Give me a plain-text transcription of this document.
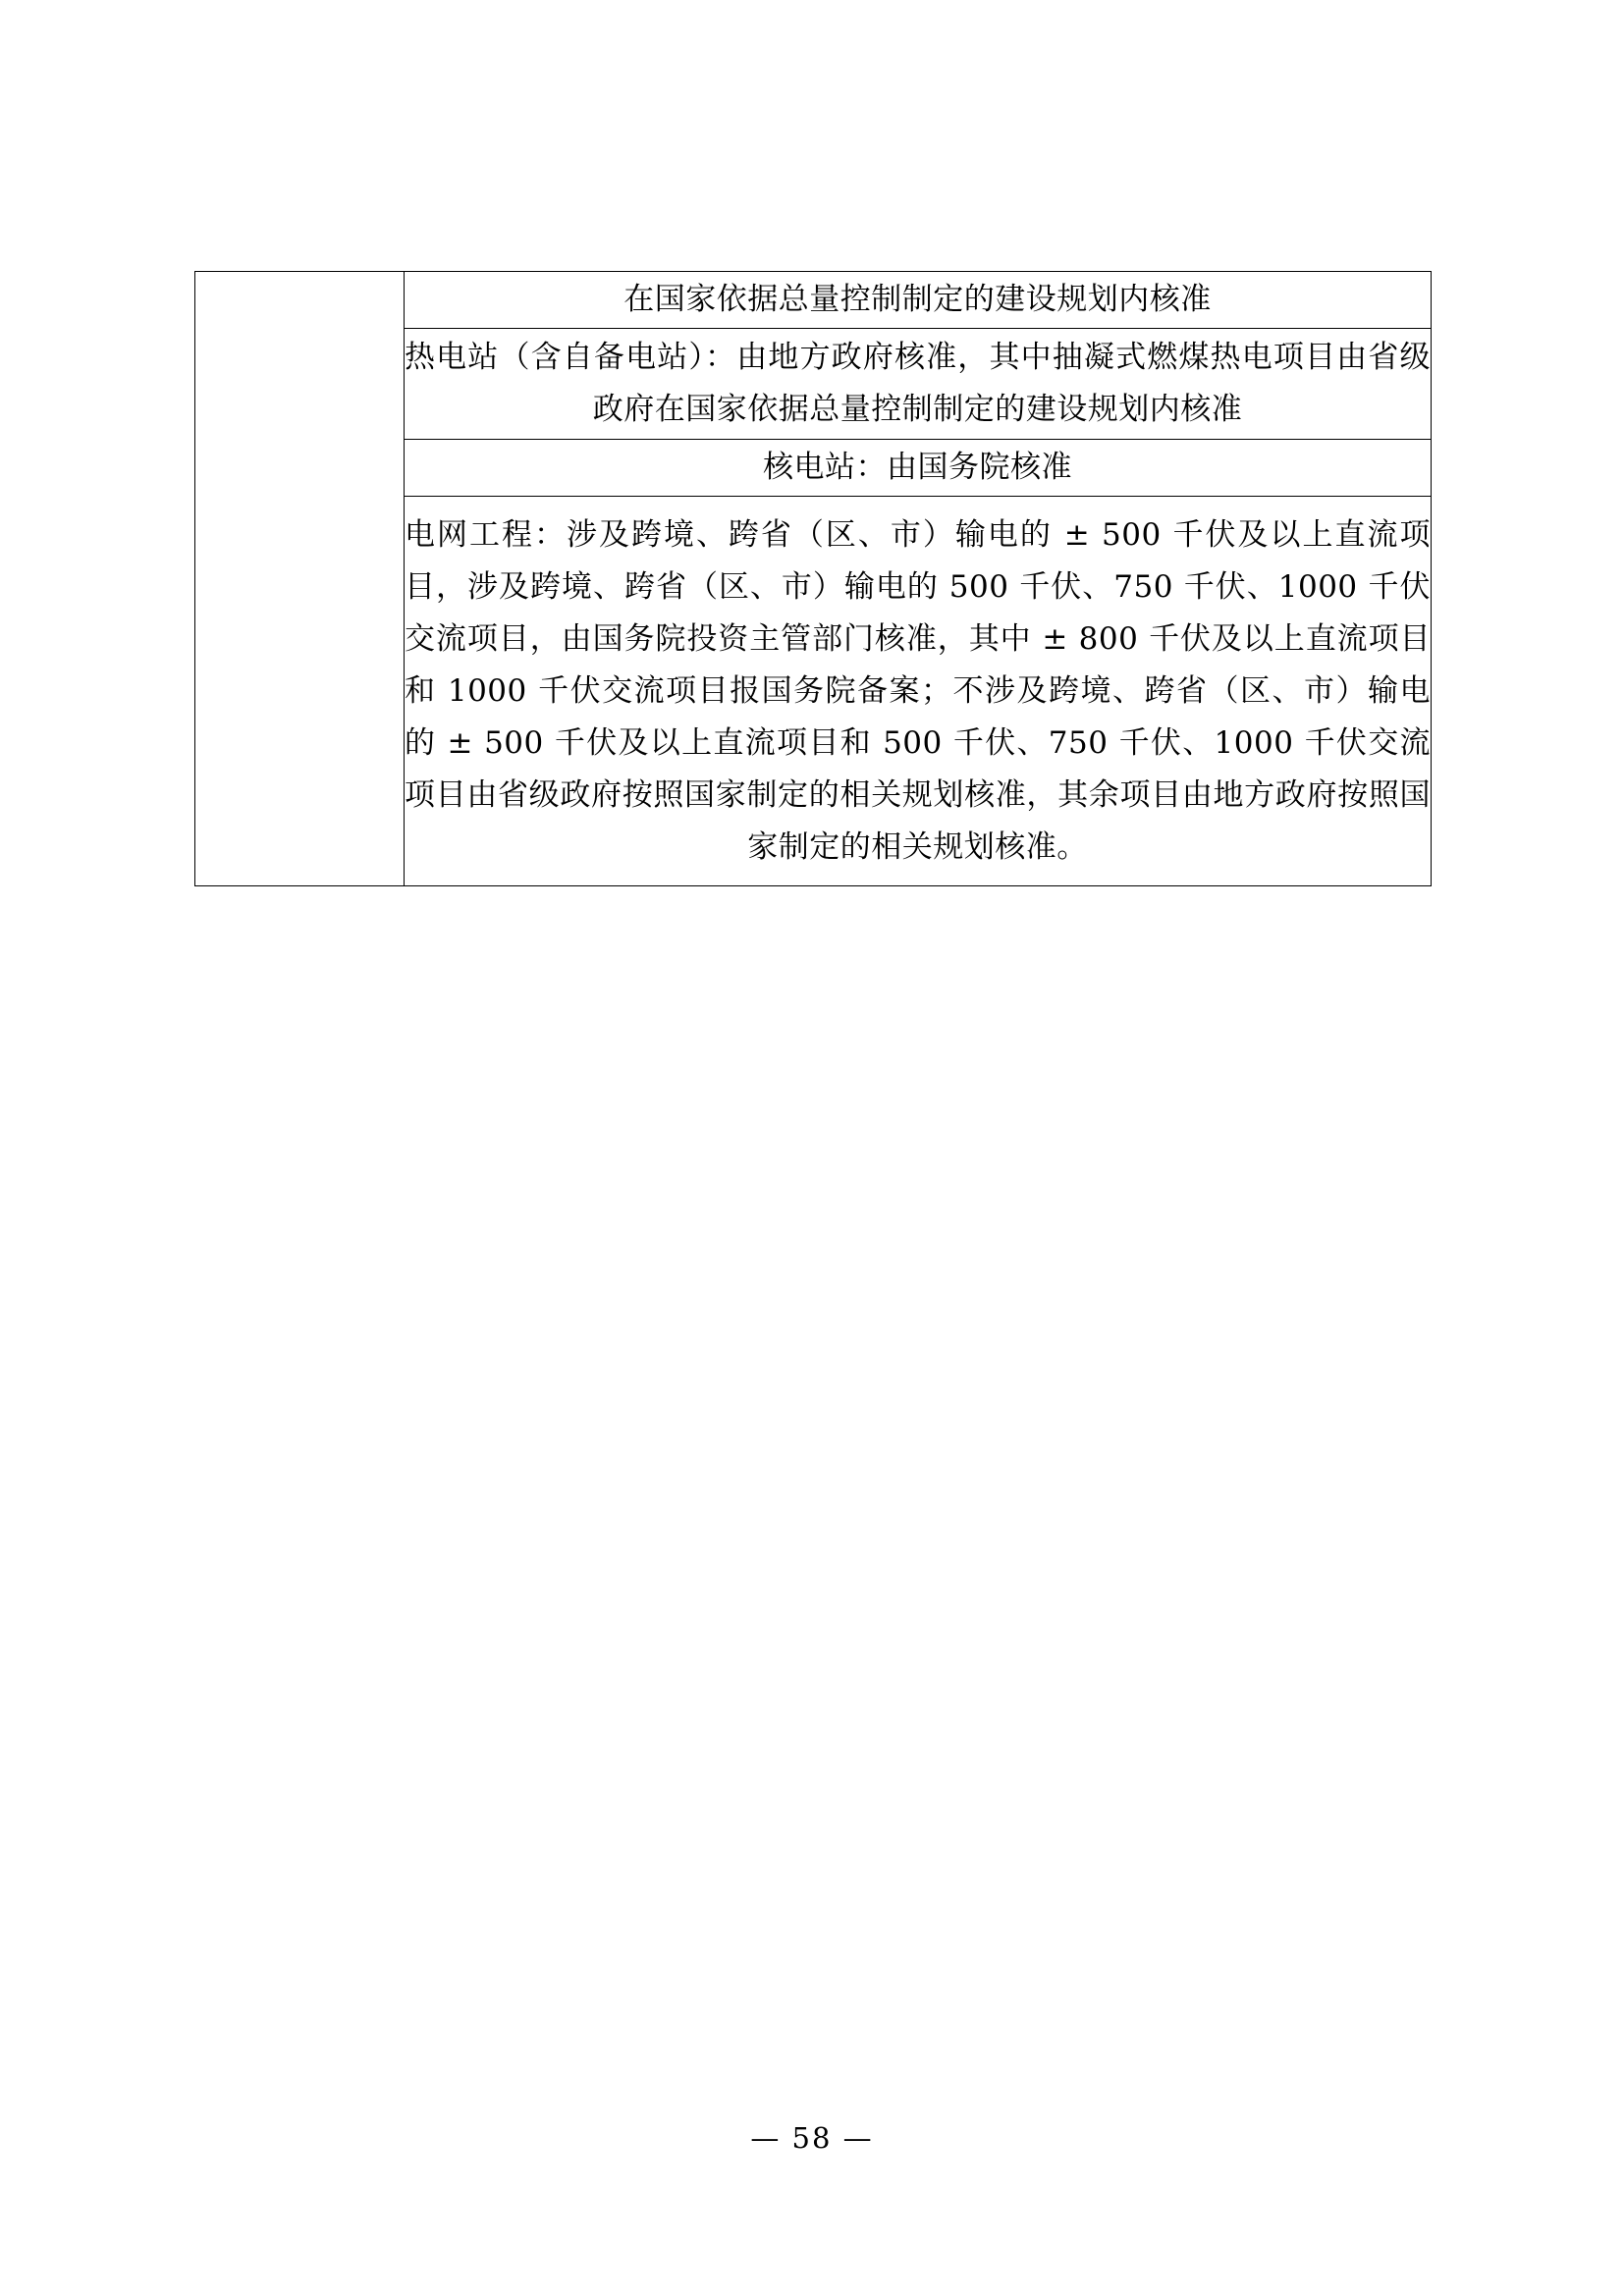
	在国家依据总量控制制定的建设规划内核准
热电站（含自备电站）：由地方政府核准，其中抽凝式燃煤热电项目由省级政府在国家依据总量控制制定的建设规划内核准
核电站：由国务院核准
电网工程：涉及跨境、跨省（区、市）输电的 ± 500 千伏及以上直流项目，涉及跨境、跨省（区、市）输电的 500 千伏、750 千伏、1000 千伏交流项目，由国务院投资主管部门核准，其中 ± 800 千伏及以上直流项目和 1000 千伏交流项目报国务院备案；不涉及跨境、跨省（区、市）输电的 ± 500 千伏及以上直流项目和 500 千伏、750 千伏、1000 千伏交流项目由省级政府按照国家制定的相关规划核准，其余项目由地方政府按照国家制定的相关规划核准。
— 58 —
